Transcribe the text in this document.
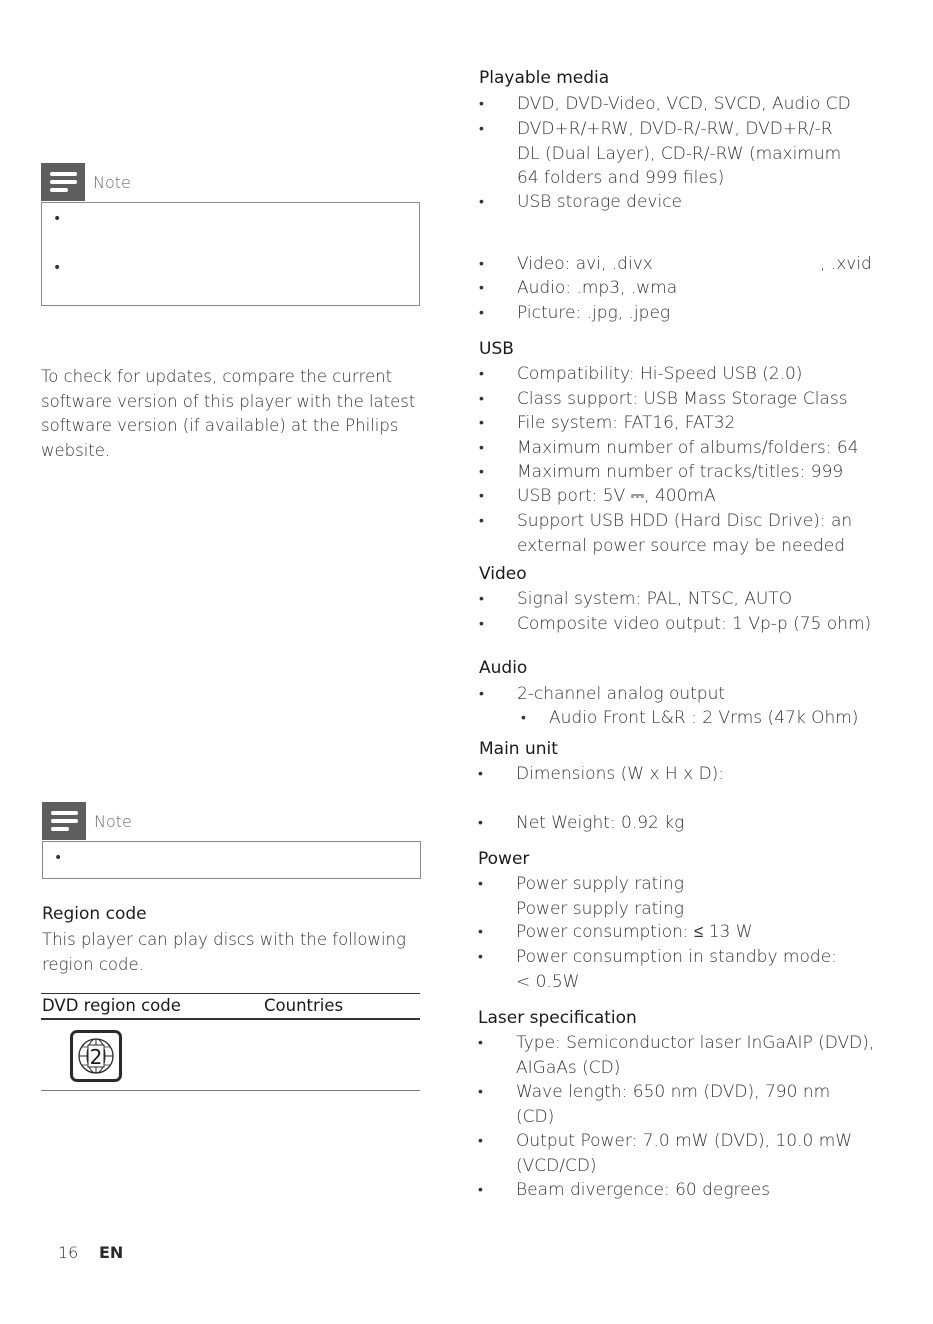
Note
•
•
To check for updates, compare the current
software version of this player with the latest
software version (if available) at the Philips
website.
Note
•
Region code
This player can play discs with the following
region code.
DVD region code	Countries
2
Playable media
• DVD, DVD-Video, VCD, SVCD, Audio CD
• DVD+R/+RW, DVD-R/-RW, DVD+R/-R
DL (Dual Layer), CD-R/-RW (maximum
64 folders and 999 files)
• USB storage device
• Video: avi, .divx	, .xvid
• Audio: .mp3, .wma
• Picture: .jpg, .jpeg
USB
• Compatibility: Hi-Speed USB (2.0)
• Class support: USB Mass Storage Class
• File system: FAT16, FAT32
• Maximum number of albums/folders: 64
• Maximum number of tracks/titles: 999
• USB port: 5V ⎓, 400mA
• Support USB HDD (Hard Disc Drive): an
external power source may be needed
Video
• Signal system: PAL, NTSC, AUTO
• Composite video output: 1 Vp-p (75 ohm)
Audio
• 2-channel analog output
• Audio Front L&R : 2 Vrms (47k Ohm)
Main unit
• Dimensions (W x H x D):
• Net Weight: 0.92 kg
Power
• Power supply rating
Power supply rating
• Power consumption: ≤ 13 W
• Power consumption in standby mode:
< 0.5W
Laser specification
• Type: Semiconductor laser InGaAIP (DVD),
AIGaAs (CD)
• Wave length: 650 nm (DVD), 790 nm
(CD)
• Output Power: 7.0 mW (DVD), 10.0 mW
(VCD/CD)
• Beam divergence: 60 degrees
16 EN
